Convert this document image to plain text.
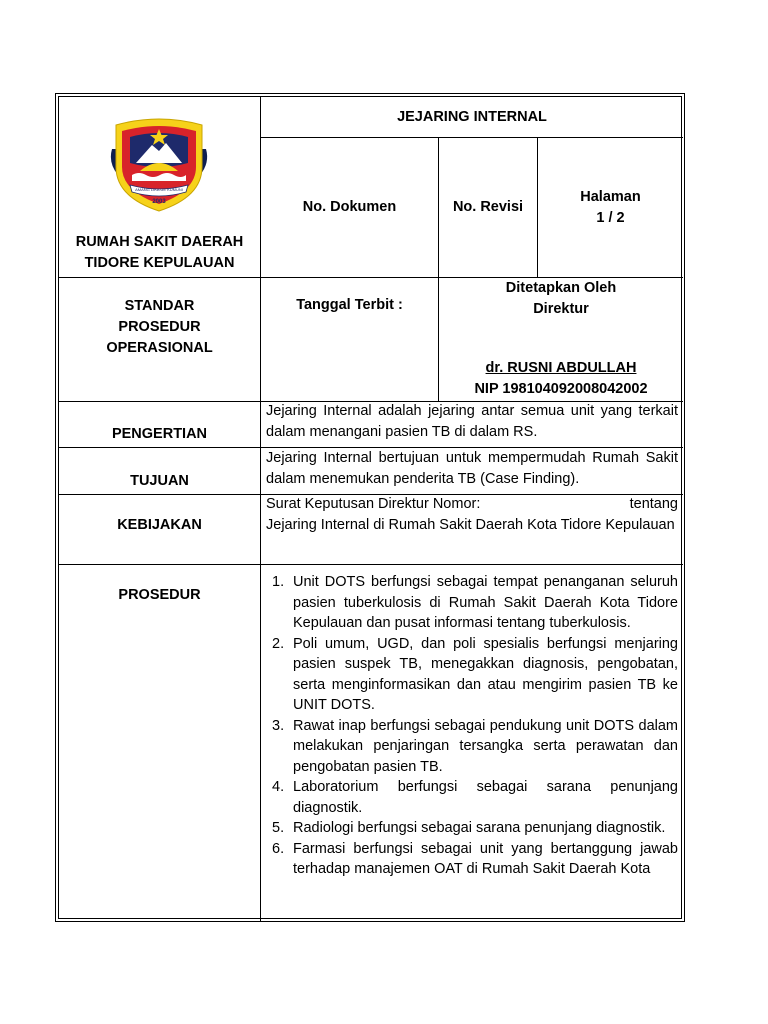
AMANG LIKA UE KUMUNI
2003
RUMAH SAKIT DAERAH
TIDORE KEPULAUAN
JEJARING INTERNAL
No. Dokumen	No. Revisi
Halaman
1 / 2
STANDAR
PROSEDUR
OPERASIONAL
Tanggal Terbit :
Ditetapkan Oleh
Direktur
dr. RUSNI ABDULLAH
NIP 198104092008042002
PENGERTIAN
Jejaring Internal adalah jejaring antar semua unit yang terkait dalam menangani pasien TB di dalam RS.
TUJUAN
Jejaring Internal bertujuan untuk mempermudah Rumah Sakit dalam menemukan penderita TB (Case Finding).
KEBIJAKAN
Surat Keputusan Direktur Nomor:	tentang
Jejaring Internal di Rumah Sakit Daerah Kota Tidore Kepulauan
PROSEDUR
1. Unit DOTS berfungsi sebagai tempat penanganan seluruh pasien tuberkulosis di Rumah Sakit Daerah Kota Tidore Kepulauan dan pusat informasi tentang tuberkulosis.
2. Poli umum, UGD, dan poli spesialis berfungsi menjaring pasien suspek TB, menegakkan diagnosis, pengobatan, serta menginformasikan dan atau mengirim pasien TB ke UNIT DOTS.
3. Rawat inap berfungsi sebagai pendukung unit DOTS dalam melakukan penjaringan tersangka serta perawatan dan pengobatan pasien TB.
4. Laboratorium berfungsi sebagai sarana penunjang diagnostik.
5. Radiologi berfungsi sebagai sarana penunjang diagnostik.
6. Farmasi berfungsi sebagai unit yang bertanggung jawab terhadap manajemen OAT di Rumah Sakit Daerah Kota
